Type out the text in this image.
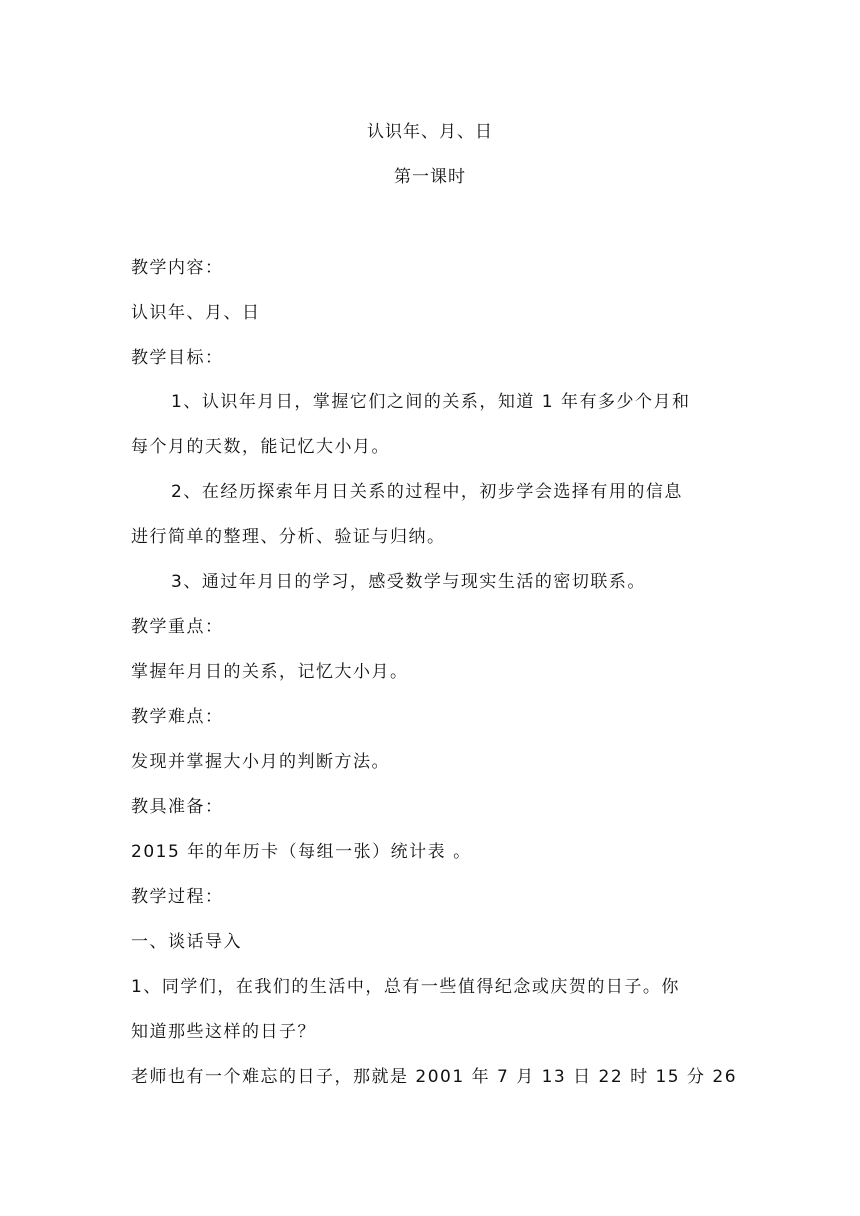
认识年、月、日
第一课时
教学内容：
认识年、月、日
教学目标：
1、认识年月日，掌握它们之间的关系，知道 1 年有多少个月和
每个月的天数，能记忆大小月。
2、在经历探索年月日关系的过程中，初步学会选择有用的信息
进行简单的整理、分析、验证与归纳。
3、通过年月日的学习，感受数学与现实生活的密切联系。
教学重点：
掌握年月日的关系，记忆大小月。
教学难点：
发现并掌握大小月的判断方法。
教具准备：
2015 年的年历卡（每组一张）统计表 。
教学过程：
一、谈话导入
1、同学们，在我们的生活中，总有一些值得纪念或庆贺的日子。你
知道那些这样的日子？
老师也有一个难忘的日子，那就是 2001 年 7 月 13 日 22 时 15 分 26
